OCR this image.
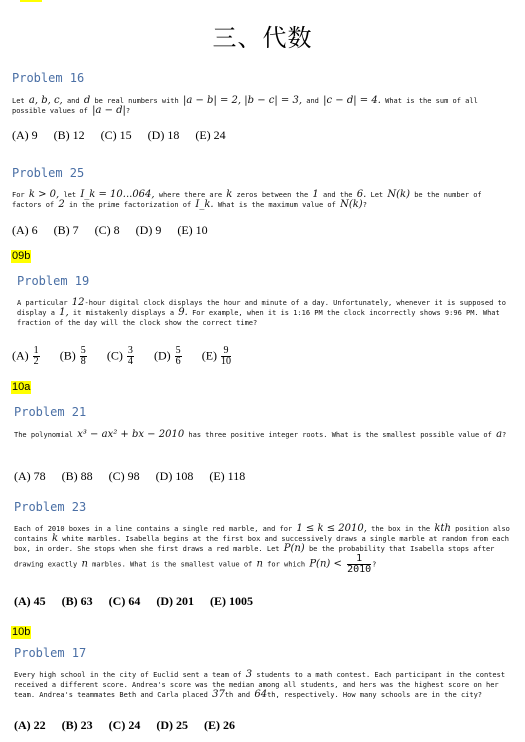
三、代数
Problem 16
Let a, b, c, and d be real numbers with |a − b| = 2, |b − c| = 3, and |c − d| = 4. What is the sum of all possible values of |a − d|?
(A) 9 (B) 12 (C) 15 (D) 18 (E) 24
Problem 25
For k > 0, let I_k = 10...064, where there are k zeros between the 1 and the 6. Let N(k) be the number of factors of 2 in the prime factorization of I_k. What is the maximum value of N(k)?
(A) 6 (B) 7 (C) 8 (D) 9 (E) 10
09b
Problem 19
A particular 12-hour digital clock displays the hour and minute of a day. Unfortunately, whenever it is supposed to display a 1, it mistakenly displays a 9. For example, when it is 1:16 PM the clock incorrectly shows 9:96 PM. What fraction of the day will the clock show the correct time?
$(A) \frac{1}{2} (B) \frac{5}{8} (C) \frac{3}{4} (D) \frac{5}{6} (E) \frac{9}{10}$
10a
Problem 21
The polynomial x³ − ax² + bx − 2010 has three positive integer roots. What is the smallest possible value of a?
(A) 78 (B) 88 (C) 98 (D) 108 (E) 118
Problem 23
Each of 2010 boxes in a line contains a single red marble, and for 1 ≤ k ≤ 2010, the box in the kth position also contains k white marbles. Isabella begins at the first box and successively draws a single marble at random from each box, in order. She stops when she first draws a red marble. Let P(n) be the probability that Isabella stops after drawing exactly n marbles. What is the smallest value of n for which $P(n) < \frac{1}{2010}$ ?
(A) 45 (B) 63 (C) 64 (D) 201 (E) 1005
10b
Problem 17
Every high school in the city of Euclid sent a team of 3 students to a math contest. Each participant in the contest received a different score. Andrea's score was the median among all students, and hers was the highest score on her team. Andrea's teammates Beth and Carla placed 37th and 64th, respectively. How many schools are in the city?
(A) 22 (B) 23 (C) 24 (D) 25 (E) 26
